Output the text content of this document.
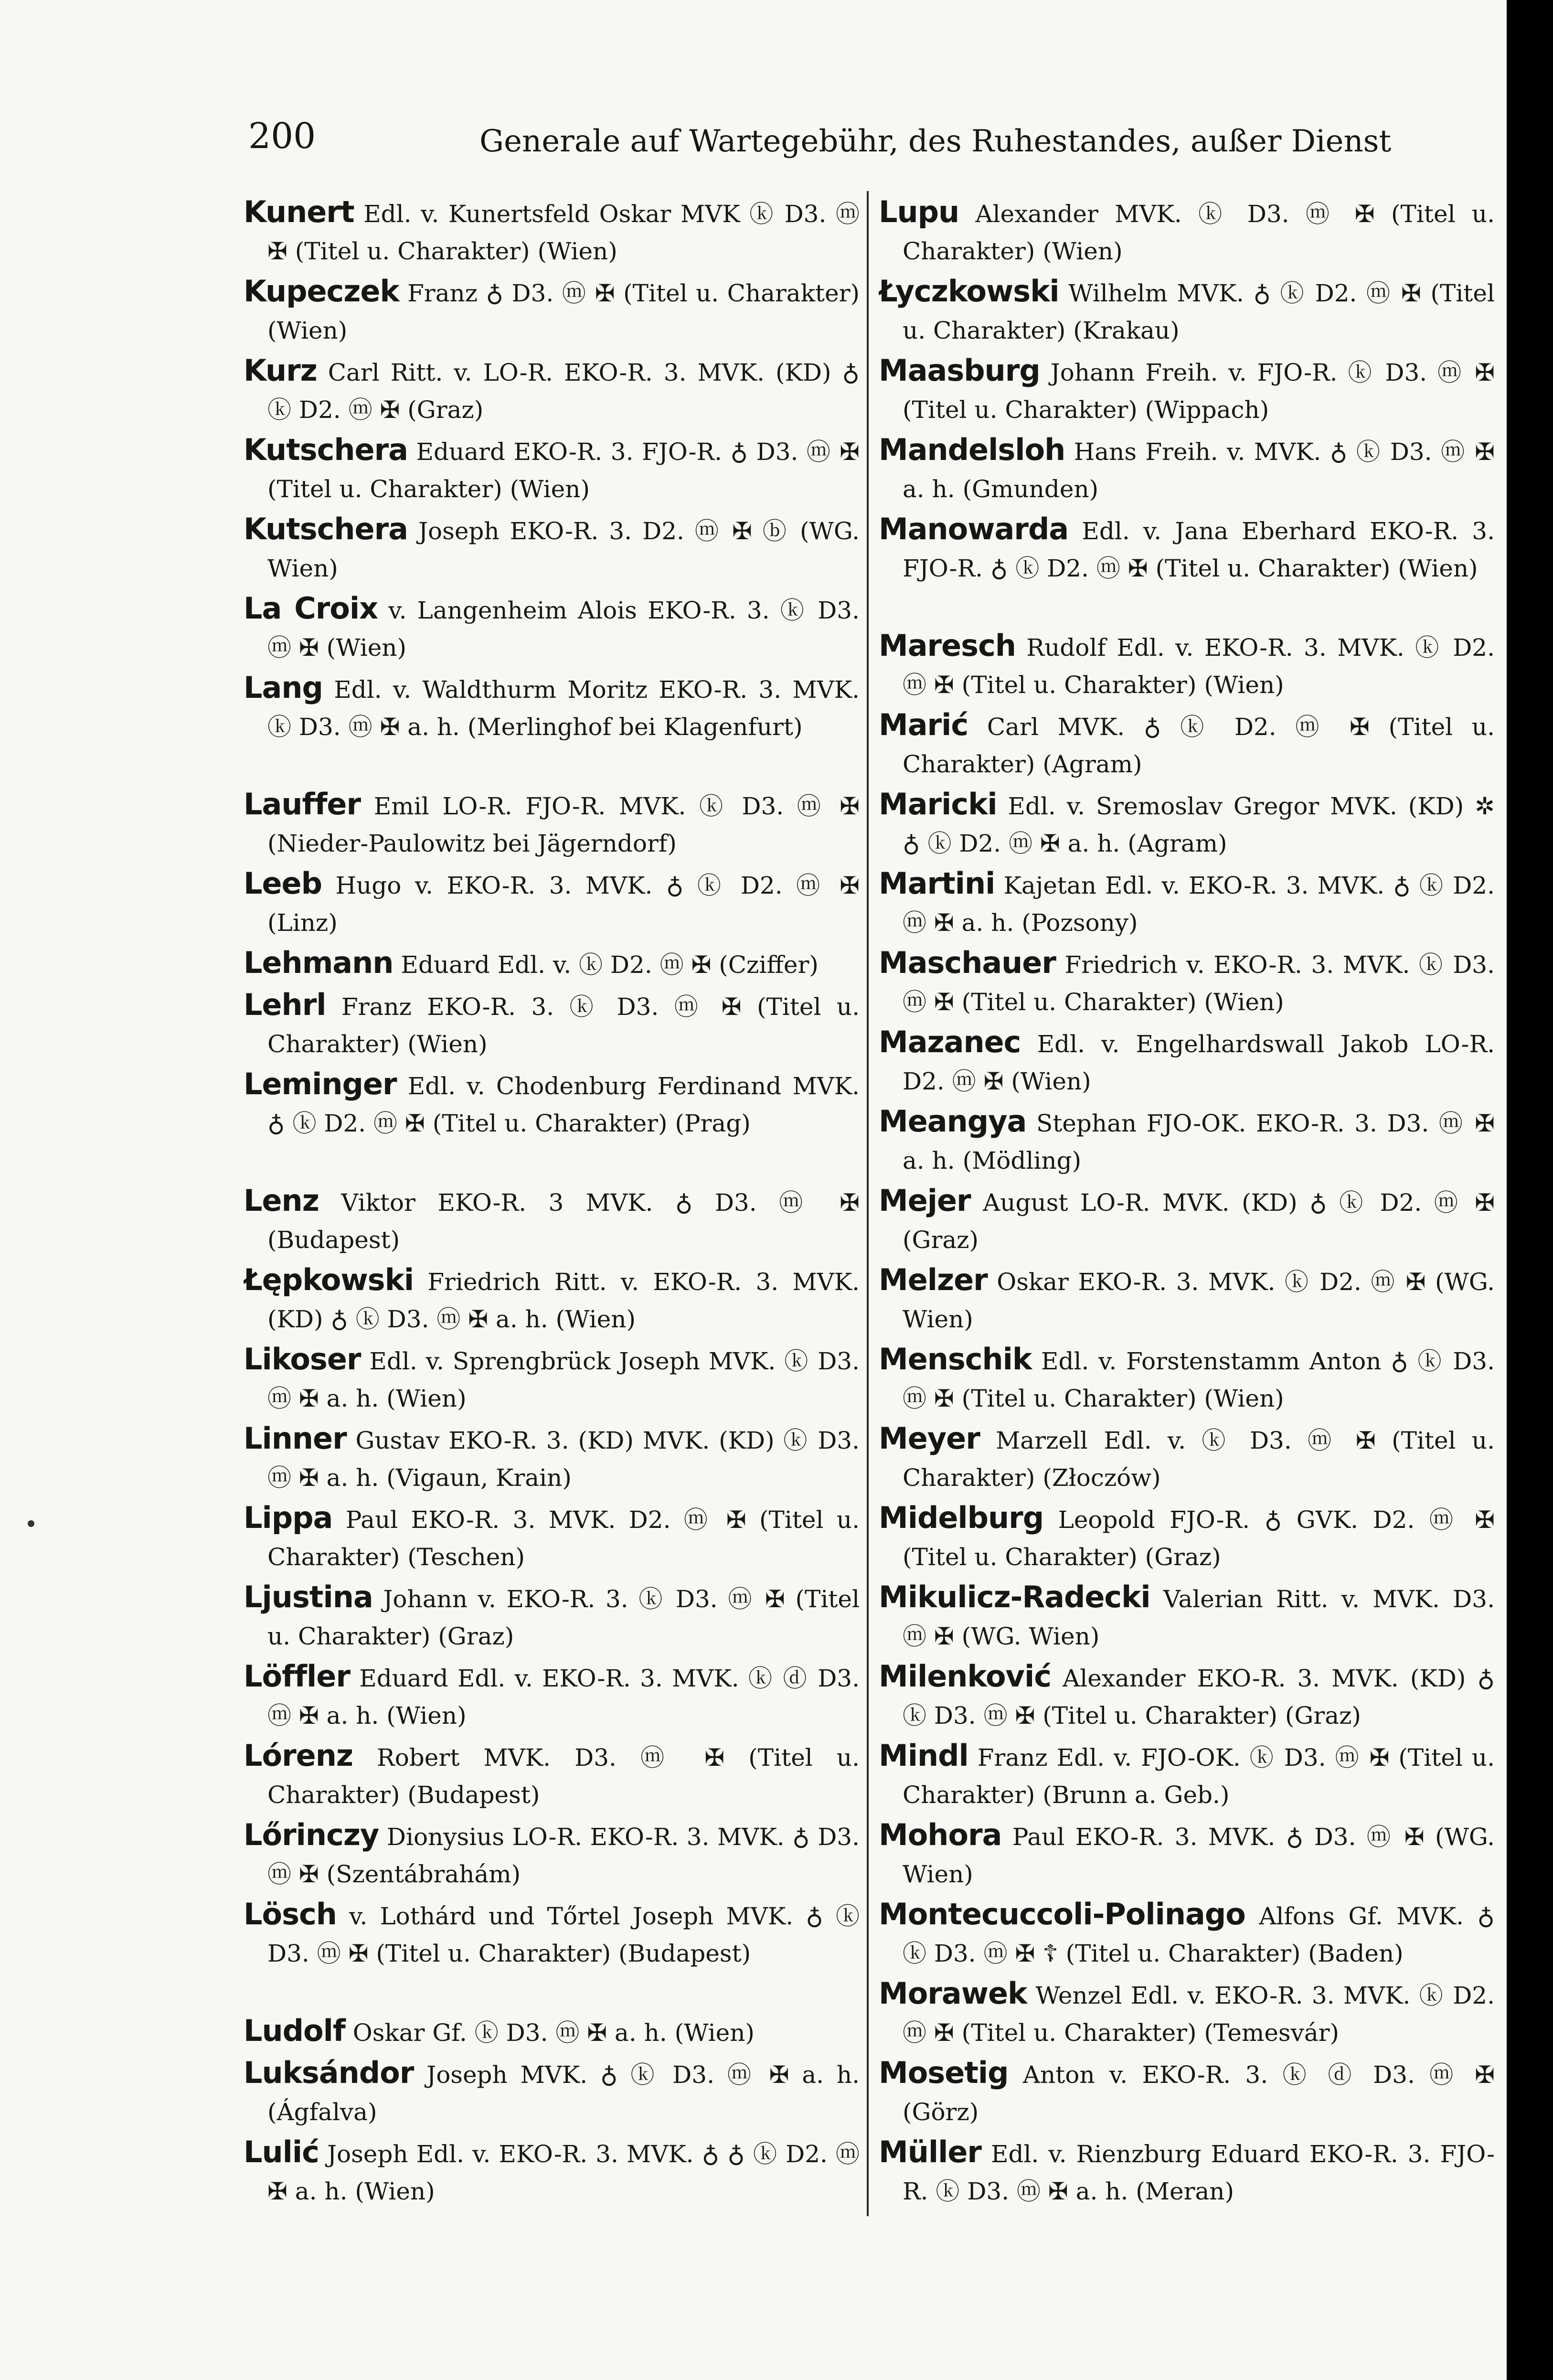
200	Generale auf Wartegebühr, des Ruhestandes, außer Dienst
Kunert Edl. v. Kunertsfeld Oskar MVK ⓚ D3. ⓜ ✠ (Titel u. Charakter) (Wien)
Kupeczek Franz ♁ D3. ⓜ ✠ (Titel u. Charakter) (Wien)
Kurz Carl Ritt. v. LO-R. EKO-R. 3. MVK. (KD) ♁ ⓚ D2. ⓜ ✠ (Graz)
Kutschera Eduard EKO-R. 3. FJO-R. ♁ D3. ⓜ ✠ (Titel u. Charakter) (Wien)
Kutschera Joseph EKO-R. 3. D2. ⓜ ✠ ⓑ (WG. Wien)
La Croix v. Langenheim Alois EKO-R. 3. ⓚ D3. ⓜ ✠ (Wien)
Lang Edl. v. Waldthurm Moritz EKO-R. 3. MVK. ⓚ D3. ⓜ ✠ a. h. (Merlinghof bei Klagenfurt)
Lauffer Emil LO-R. FJO-R. MVK. ⓚ D3. ⓜ ✠ (Nieder-Paulowitz bei Jägerndorf)
Leeb Hugo v. EKO-R. 3. MVK. ♁ ⓚ D2. ⓜ ✠ (Linz)
Lehmann Eduard Edl. v. ⓚ D2. ⓜ ✠ (Cziffer)
Lehrl Franz EKO-R. 3. ⓚ D3. ⓜ ✠ (Titel u. Charakter) (Wien)
Leminger Edl. v. Chodenburg Ferdinand MVK. ♁ ⓚ D2. ⓜ ✠ (Titel u. Charakter) (Prag)
Lenz Viktor EKO-R. 3 MVK. ♁ D3. ⓜ ✠ (Budapest)
Łępkowski Friedrich Ritt. v. EKO-R. 3. MVK. (KD) ♁ ⓚ D3. ⓜ ✠ a. h. (Wien)
Likoser Edl. v. Sprengbrück Joseph MVK. ⓚ D3. ⓜ ✠ a. h. (Wien)
Linner Gustav EKO-R. 3. (KD) MVK. (KD) ⓚ D3. ⓜ ✠ a. h. (Vigaun, Krain)
Lippa Paul EKO-R. 3. MVK. D2. ⓜ ✠ (Titel u. Charakter) (Teschen)
Ljustina Johann v. EKO-R. 3. ⓚ D3. ⓜ ✠ (Titel u. Charakter) (Graz)
Löffler Eduard Edl. v. EKO-R. 3. MVK. ⓚ ⓓ D3. ⓜ ✠ a. h. (Wien)
Lórenz Robert MVK. D3. ⓜ ✠ (Titel u. Charakter) (Budapest)
Lőrinczy Dionysius LO-R. EKO-R. 3. MVK. ♁ D3. ⓜ ✠ (Szentábrahám)
Lösch v. Lothárd und Tőrtel Joseph MVK. ♁ ⓚ D3. ⓜ ✠ (Titel u. Charakter) (Budapest)
Ludolf Oskar Gf. ⓚ D3. ⓜ ✠ a. h. (Wien)
Luksándor Joseph MVK. ♁ ⓚ D3. ⓜ ✠ a. h. (Ágfalva)
Lulić Joseph Edl. v. EKO-R. 3. MVK. ♁ ♁ ⓚ D2. ⓜ ✠ a. h. (Wien)
Lupu Alexander MVK. ⓚ D3. ⓜ ✠ (Titel u. Charakter) (Wien)
Łyczkowski Wilhelm MVK. ♁ ⓚ D2. ⓜ ✠ (Titel u. Charakter) (Krakau)
Maasburg Johann Freih. v. FJO-R. ⓚ D3. ⓜ ✠ (Titel u. Charakter) (Wippach)
Mandelsloh Hans Freih. v. MVK. ♁ ⓚ D3. ⓜ ✠ a. h. (Gmunden)
Manowarda Edl. v. Jana Eberhard EKO-R. 3. FJO-R. ♁ ⓚ D2. ⓜ ✠ (Titel u. Charakter) (Wien)
Maresch Rudolf Edl. v. EKO-R. 3. MVK. ⓚ D2. ⓜ ✠ (Titel u. Charakter) (Wien)
Marić Carl MVK. ♁ ⓚ D2. ⓜ ✠ (Titel u. Charakter) (Agram)
Maricki Edl. v. Sremoslav Gregor MVK. (KD) ✲ ♁ ⓚ D2. ⓜ ✠ a. h. (Agram)
Martini Kajetan Edl. v. EKO-R. 3. MVK. ♁ ⓚ D2. ⓜ ✠ a. h. (Pozsony)
Maschauer Friedrich v. EKO-R. 3. MVK. ⓚ D3. ⓜ ✠ (Titel u. Charakter) (Wien)
Mazanec Edl. v. Engelhardswall Jakob LO-R. D2. ⓜ ✠ (Wien)
Meangya Stephan FJO-OK. EKO-R. 3. D3. ⓜ ✠ a. h. (Mödling)
Mejer August LO-R. MVK. (KD) ♁ ⓚ D2. ⓜ ✠ (Graz)
Melzer Oskar EKO-R. 3. MVK. ⓚ D2. ⓜ ✠ (WG. Wien)
Menschik Edl. v. Forstenstamm Anton ♁ ⓚ D3. ⓜ ✠ (Titel u. Charakter) (Wien)
Meyer Marzell Edl. v. ⓚ D3. ⓜ ✠ (Titel u. Charakter) (Złoczów)
Midelburg Leopold FJO-R. ♁ GVK. D2. ⓜ ✠ (Titel u. Charakter) (Graz)
Mikulicz-Radecki Valerian Ritt. v. MVK. D3. ⓜ ✠ (WG. Wien)
Milenković Alexander EKO-R. 3. MVK. (KD) ♁ ⓚ D3. ⓜ ✠ (Titel u. Charakter) (Graz)
Mindl Franz Edl. v. FJO-OK. ⓚ D3. ⓜ ✠ (Titel u. Charakter) (Brunn a. Geb.)
Mohora Paul EKO-R. 3. MVK. ♁ D3. ⓜ ✠ (WG. Wien)
Montecuccoli-Polinago Alfons Gf. MVK. ♁ ⓚ D3. ⓜ ✠ ☦ (Titel u. Charakter) (Baden)
Morawek Wenzel Edl. v. EKO-R. 3. MVK. ⓚ D2. ⓜ ✠ (Titel u. Charakter) (Temesvár)
Mosetig Anton v. EKO-R. 3. ⓚ ⓓ D3. ⓜ ✠ (Görz)
Müller Edl. v. Rienzburg Eduard EKO-R. 3. FJO-R. ⓚ D3. ⓜ ✠ a. h. (Meran)
